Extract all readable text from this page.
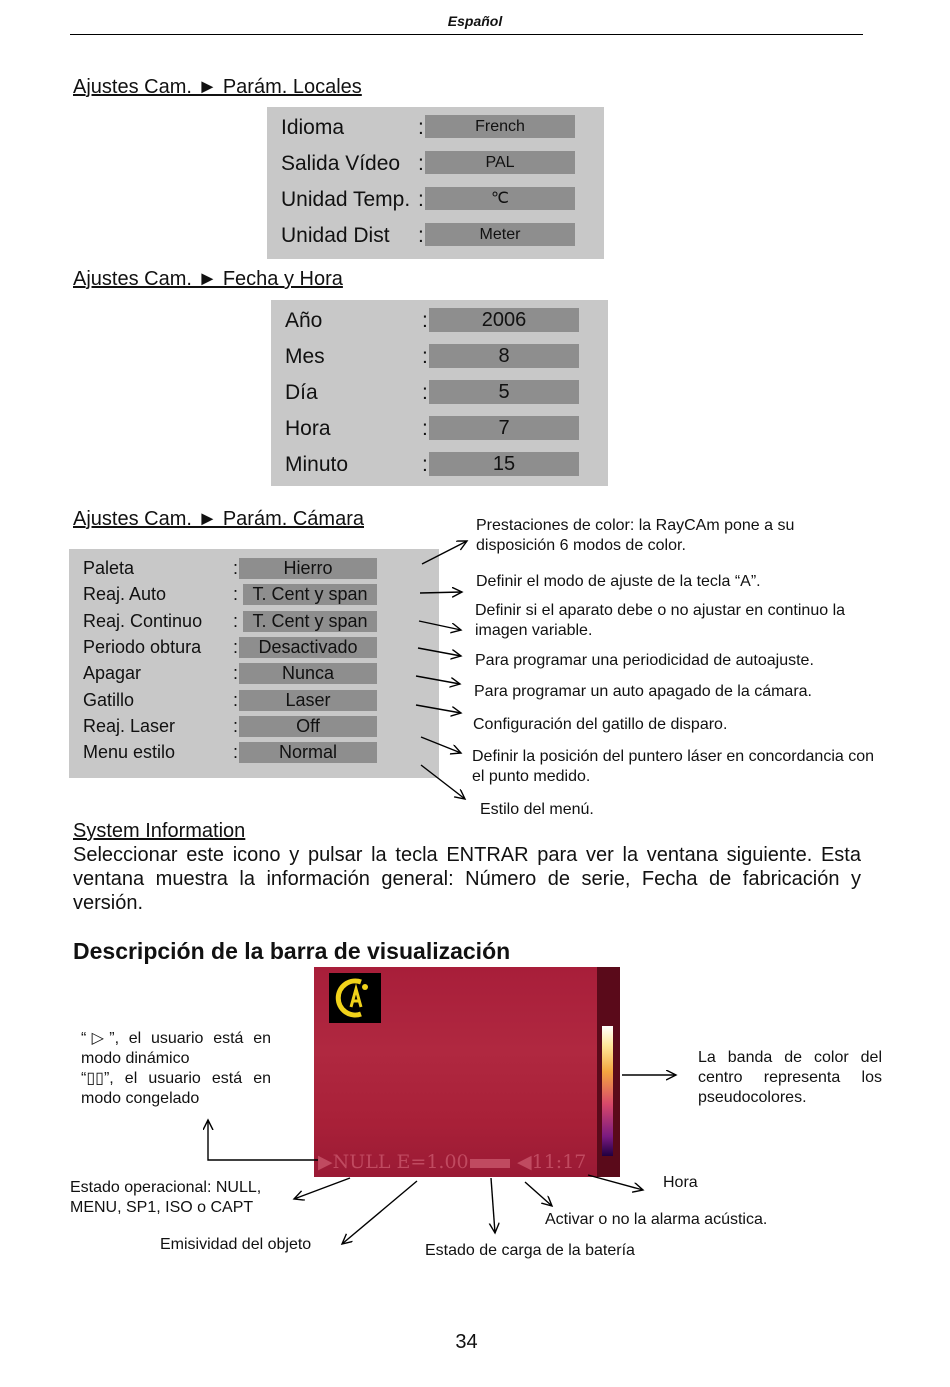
Español
Ajustes Cam. ► Parám. Locales
Idioma	:	French
Salida Vídeo :	PAL
Unidad Temp. :	℃
Unidad Dist :	Meter
Ajustes Cam. ► Fecha y Hora
Año	:	2006
Mes	:	8
Día	:	5
Hora	:	7
Minuto	:	15
Ajustes Cam. ► Parám. Cámara
Paleta	:	Hierro
Reaj. Auto	: T. Cent y span
Reaj. Continuo : T. Cent y span
Periodo obtura :	Desactivado
Apagar	:	Nunca
Gatillo	:	Laser
Reaj. Laser	:	Off
Menu estilo	:	Normal
Prestaciones de color: la RayCAm pone a su disposición 6 modos de color.
Definir el modo de ajuste de la tecla “A”.
Definir si el aparato debe o no ajustar en continuo la imagen variable.
Para programar una periodicidad de autoajuste.
Para programar un auto apagado de la cámara.
Configuración del gatillo de disparo.
Definir la posición del puntero láser en concordancia con el punto medido.
Estilo del menú.
System Information
Seleccionar este icono y pulsar la tecla ENTRAR para ver la ventana siguiente. Esta ventana muestra la información general: Número de serie, Fecha de fabricación y versión.
Descripción de la barra de visualización
▶NULL E=1.00	◀11:17
“▷”, el usuario está en modo dinámico
“▯▯”, el usuario está en modo congelado
La banda de color del centro representa los pseudocolores.
Estado operacional: NULL, MENU, SP1, ISO o CAPT
Emisividad del objeto	Estado de carga de la batería
Activar o no la alarma acústica.
Hora
34
